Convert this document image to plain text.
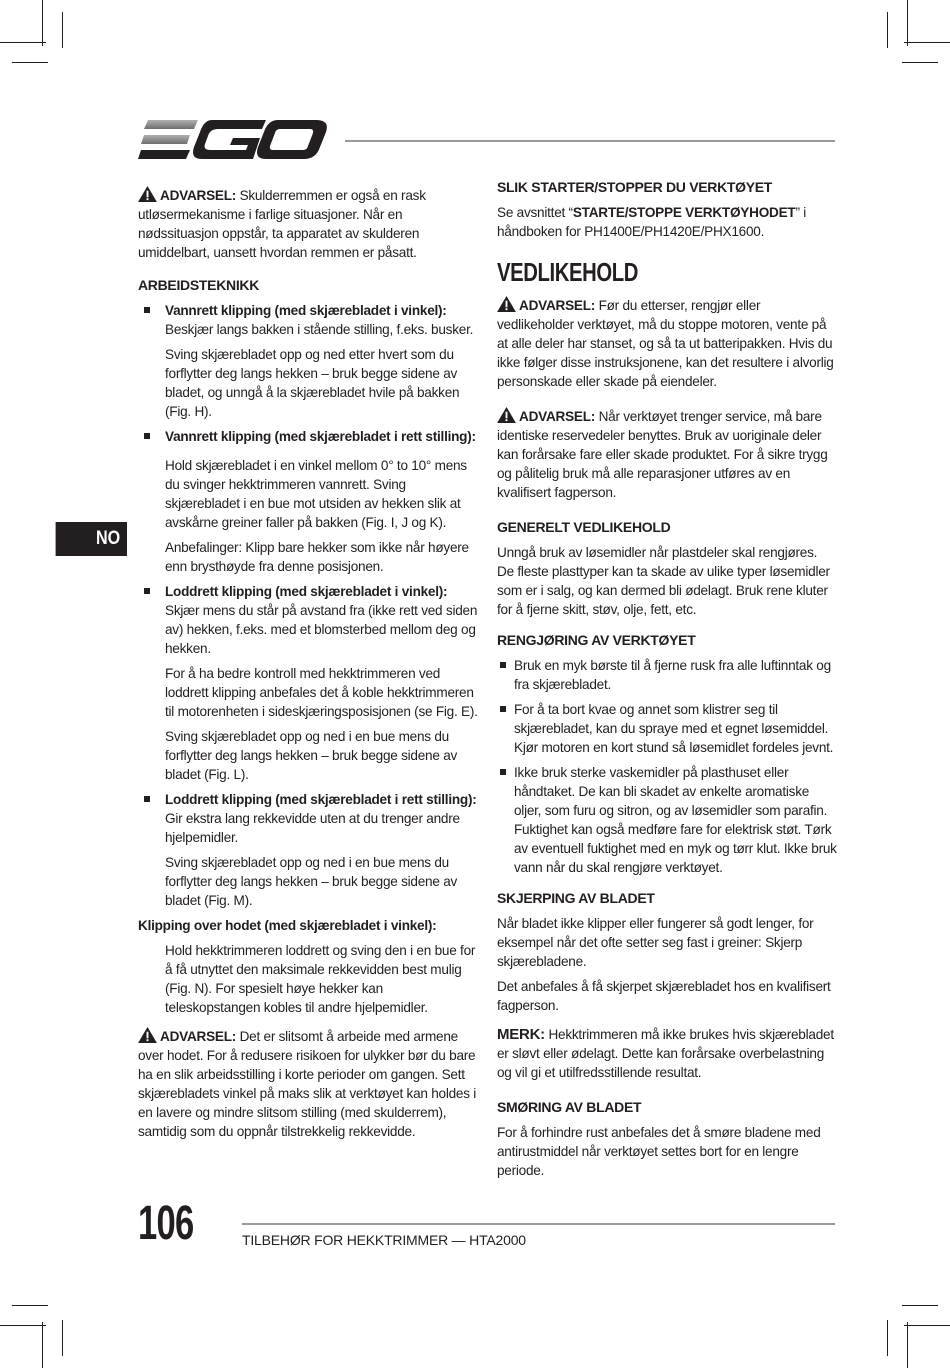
NO

ADVARSEL: Skulderremmen er også en rask utløsermekanisme i farlige situasjoner. Når en nødssituasjon oppstår, ta apparatet av skulderen umiddelbart, uansett hvordan remmen er påsatt.

ARBEIDSTEKNIKK
Vannrett klipping (med skjærebladet i vinkel): Beskjær langs bakken i stående stilling, f.eks. busker.

Sving skjærebladet opp og ned etter hvert som du forflytter deg langs hekken – bruk begge sidene av bladet, og unngå å la skjærebladet hvile på bakken (Fig. H).

Vannrett klipping (med skjærebladet i rett stilling):

Hold skjærebladet i en vinkel mellom 0° to 10° mens du svinger hekktrimmeren vannrett. Sving skjærebladet i en bue mot utsiden av hekken slik at avskårne greiner faller på bakken (Fig. I, J og K).

Anbefalinger: Klipp bare hekker som ikke når høyere enn brysthøyde fra denne posisjonen.

Loddrett klipping (med skjærebladet i vinkel): Skjær mens du står på avstand fra (ikke rett ved siden av) hekken, f.eks. med et blomsterbed mellom deg og hekken.

For å ha bedre kontroll med hekktrimmeren ved loddrett klipping anbefales det å koble hekktrimmeren til motorenheten i sideskjæringsposisjonen (se Fig. E).

Sving skjærebladet opp og ned i en bue mens du forflytter deg langs hekken – bruk begge sidene av bladet (Fig. L).

Loddrett klipping (med skjærebladet i rett stilling): Gir ekstra lang rekkevidde uten at du trenger andre hjelpemidler.

Sving skjærebladet opp og ned i en bue mens du forflytter deg langs hekken – bruk begge sidene av bladet (Fig. M).

Klipping over hodet (med skjærebladet i vinkel):

Hold hekktrimmeren loddrett og sving den i en bue for å få utnyttet den maksimale rekkevidden best mulig (Fig. N). For spesielt høye hekker kan teleskopstangen kobles til andre hjelpemidler.

ADVARSEL: Det er slitsomt å arbeide med armene over hodet. For å redusere risikoen for ulykker bør du bare ha en slik arbeidsstilling i korte perioder om gangen. Sett skjærebladets vinkel på maks slik at verktøyet kan holdes i en lavere og mindre slitsom stilling (med skulderrem), samtidig som du oppnår tilstrekkelig rekkevidde.

SLIK STARTER/STOPPER DU VERKTØYET

Se avsnittet “STARTE/STOPPE VERKTØYHODET” i håndboken for PH1400E/PH1420E/PHX1600.

VEDLIKEHOLD

ADVARSEL: Før du etterser, rengjør eller vedlikeholder verktøyet, må du stoppe motoren, vente på at alle deler har stanset, og så ta ut batteripakken. Hvis du ikke følger disse instruksjonene, kan det resultere i alvorlig personskade eller skade på eiendeler.

ADVARSEL: Når verktøyet trenger service, må bare identiske reservedeler benyttes. Bruk av uoriginale deler kan forårsake fare eller skade produktet. For å sikre trygg og pålitelig bruk må alle reparasjoner utføres av en kvalifisert fagperson.

GENERELT VEDLIKEHOLD

Unngå bruk av løsemidler når plastdeler skal rengjøres. De fleste plasttyper kan ta skade av ulike typer løsemidler som er i salg, og kan dermed bli ødelagt. Bruk rene kluter for å fjerne skitt, støv, olje, fett, etc.

RENGJØRING AV VERKTØYET
Bruk en myk børste til å fjerne rusk fra alle luftinntak og fra skjærebladet.
For å ta bort kvae og annet som klistrer seg til skjærebladet, kan du spraye med et egnet løsemiddel. Kjør motoren en kort stund så løsemidlet fordeles jevnt.
Ikke bruk sterke vaskemidler på plasthuset eller håndtaket. De kan bli skadet av enkelte aromatiske oljer, som furu og sitron, og av løsemidler som parafin. Fuktighet kan også medføre fare for elektrisk støt. Tørk av eventuell fuktighet med en myk og tørr klut. Ikke bruk vann når du skal rengjøre verktøyet.
SKJERPING AV BLADET

Når bladet ikke klipper eller fungerer så godt lenger, for eksempel når det ofte setter seg fast i greiner: Skjerp skjærebladene.

Det anbefales å få skjerpet skjærebladet hos en kvalifisert fagperson.

MERK: Hekktrimmeren må ikke brukes hvis skjærebladet er sløvt eller ødelagt. Dette kan forårsake overbelastning og vil gi et utilfredsstillende resultat.

SMØRING AV BLADET

For å forhindre rust anbefales det å smøre bladene med antirustmiddel når verktøyet settes bort for en lengre periode.

106	TILBEHØR FOR HEKKTRIMMER — HTA2000
